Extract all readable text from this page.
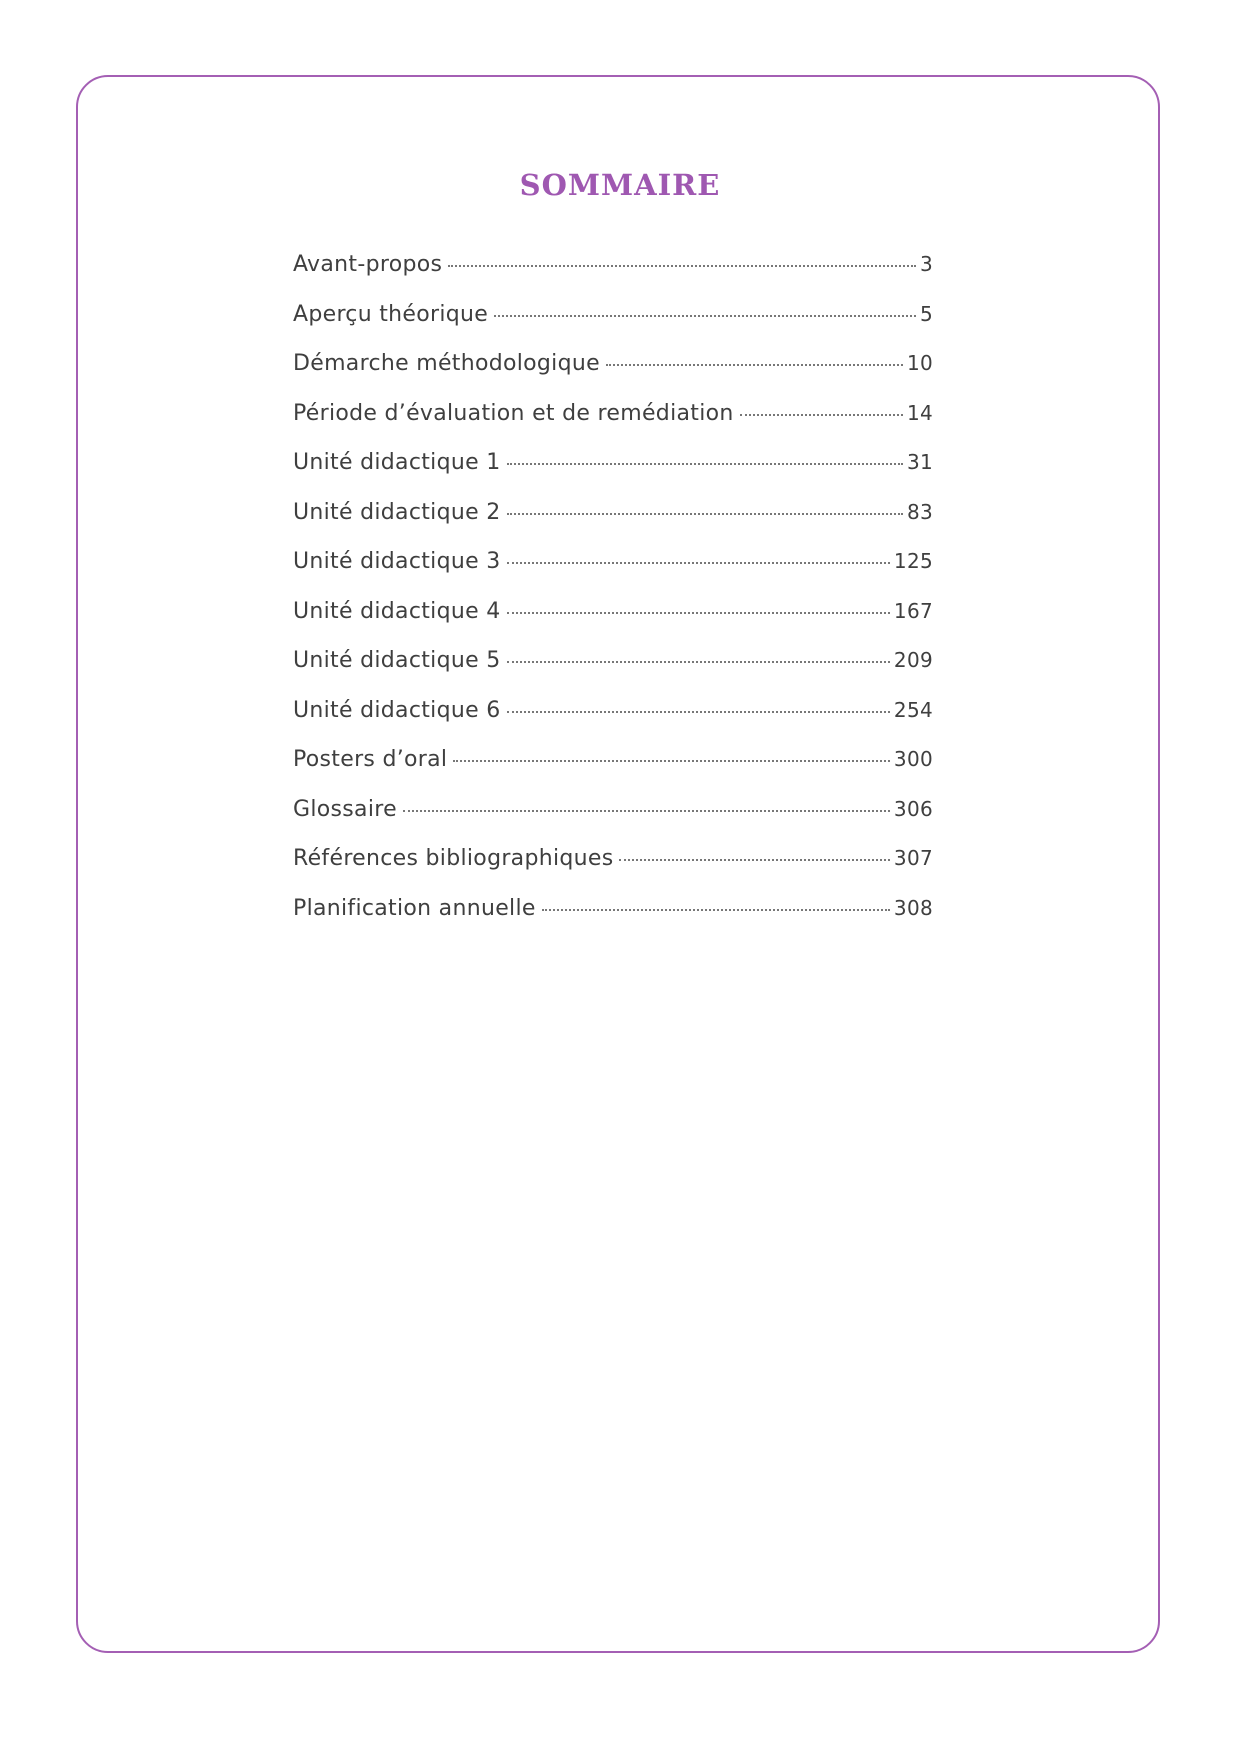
SOMMAIRE
Avant-propos	3
Aperçu théorique	5
Démarche méthodologique	10
Période d’évaluation et de remédiation	14
Unité didactique 1	31
Unité didactique 2	83
Unité didactique 3	125
Unité didactique 4	167
Unité didactique 5	209
Unité didactique 6	254
Posters d’oral	300
Glossaire	306
Références bibliographiques	307
Planification annuelle	308
